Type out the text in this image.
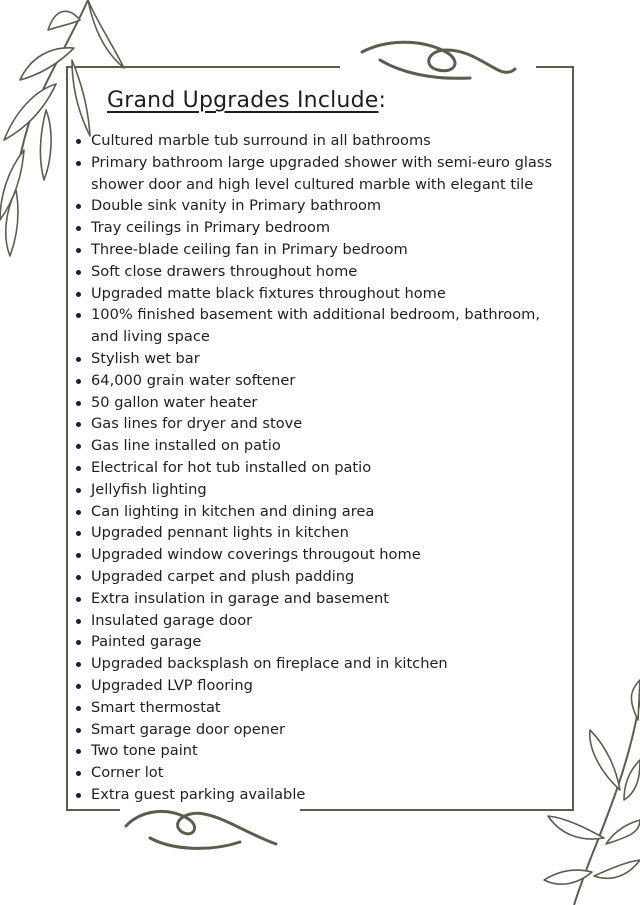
Grand Upgrades Include:
Cultured marble tub surround in all bathrooms
Primary bathroom large upgraded shower with semi-euro glass shower door and high level cultured marble with elegant tile
Double sink vanity in Primary bathroom
Tray ceilings in Primary bedroom
Three-blade ceiling fan in Primary bedroom
Soft close drawers throughout home
Upgraded matte black fixtures throughout home
100% finished basement with additional bedroom, bathroom, and living space
Stylish wet bar
64,000 grain water softener
50 gallon water heater
Gas lines for dryer and stove
Gas line installed on patio
Electrical for hot tub installed on patio
Jellyfish lighting
Can lighting in kitchen and dining area
Upgraded pennant lights in kitchen
Upgraded window coverings througout home
Upgraded carpet and plush padding
Extra insulation in garage and basement
Insulated garage door
Painted garage
Upgraded backsplash on fireplace and in kitchen
Upgraded LVP flooring
Smart thermostat
Smart garage door opener
Two tone paint
Corner lot
Extra guest parking available
